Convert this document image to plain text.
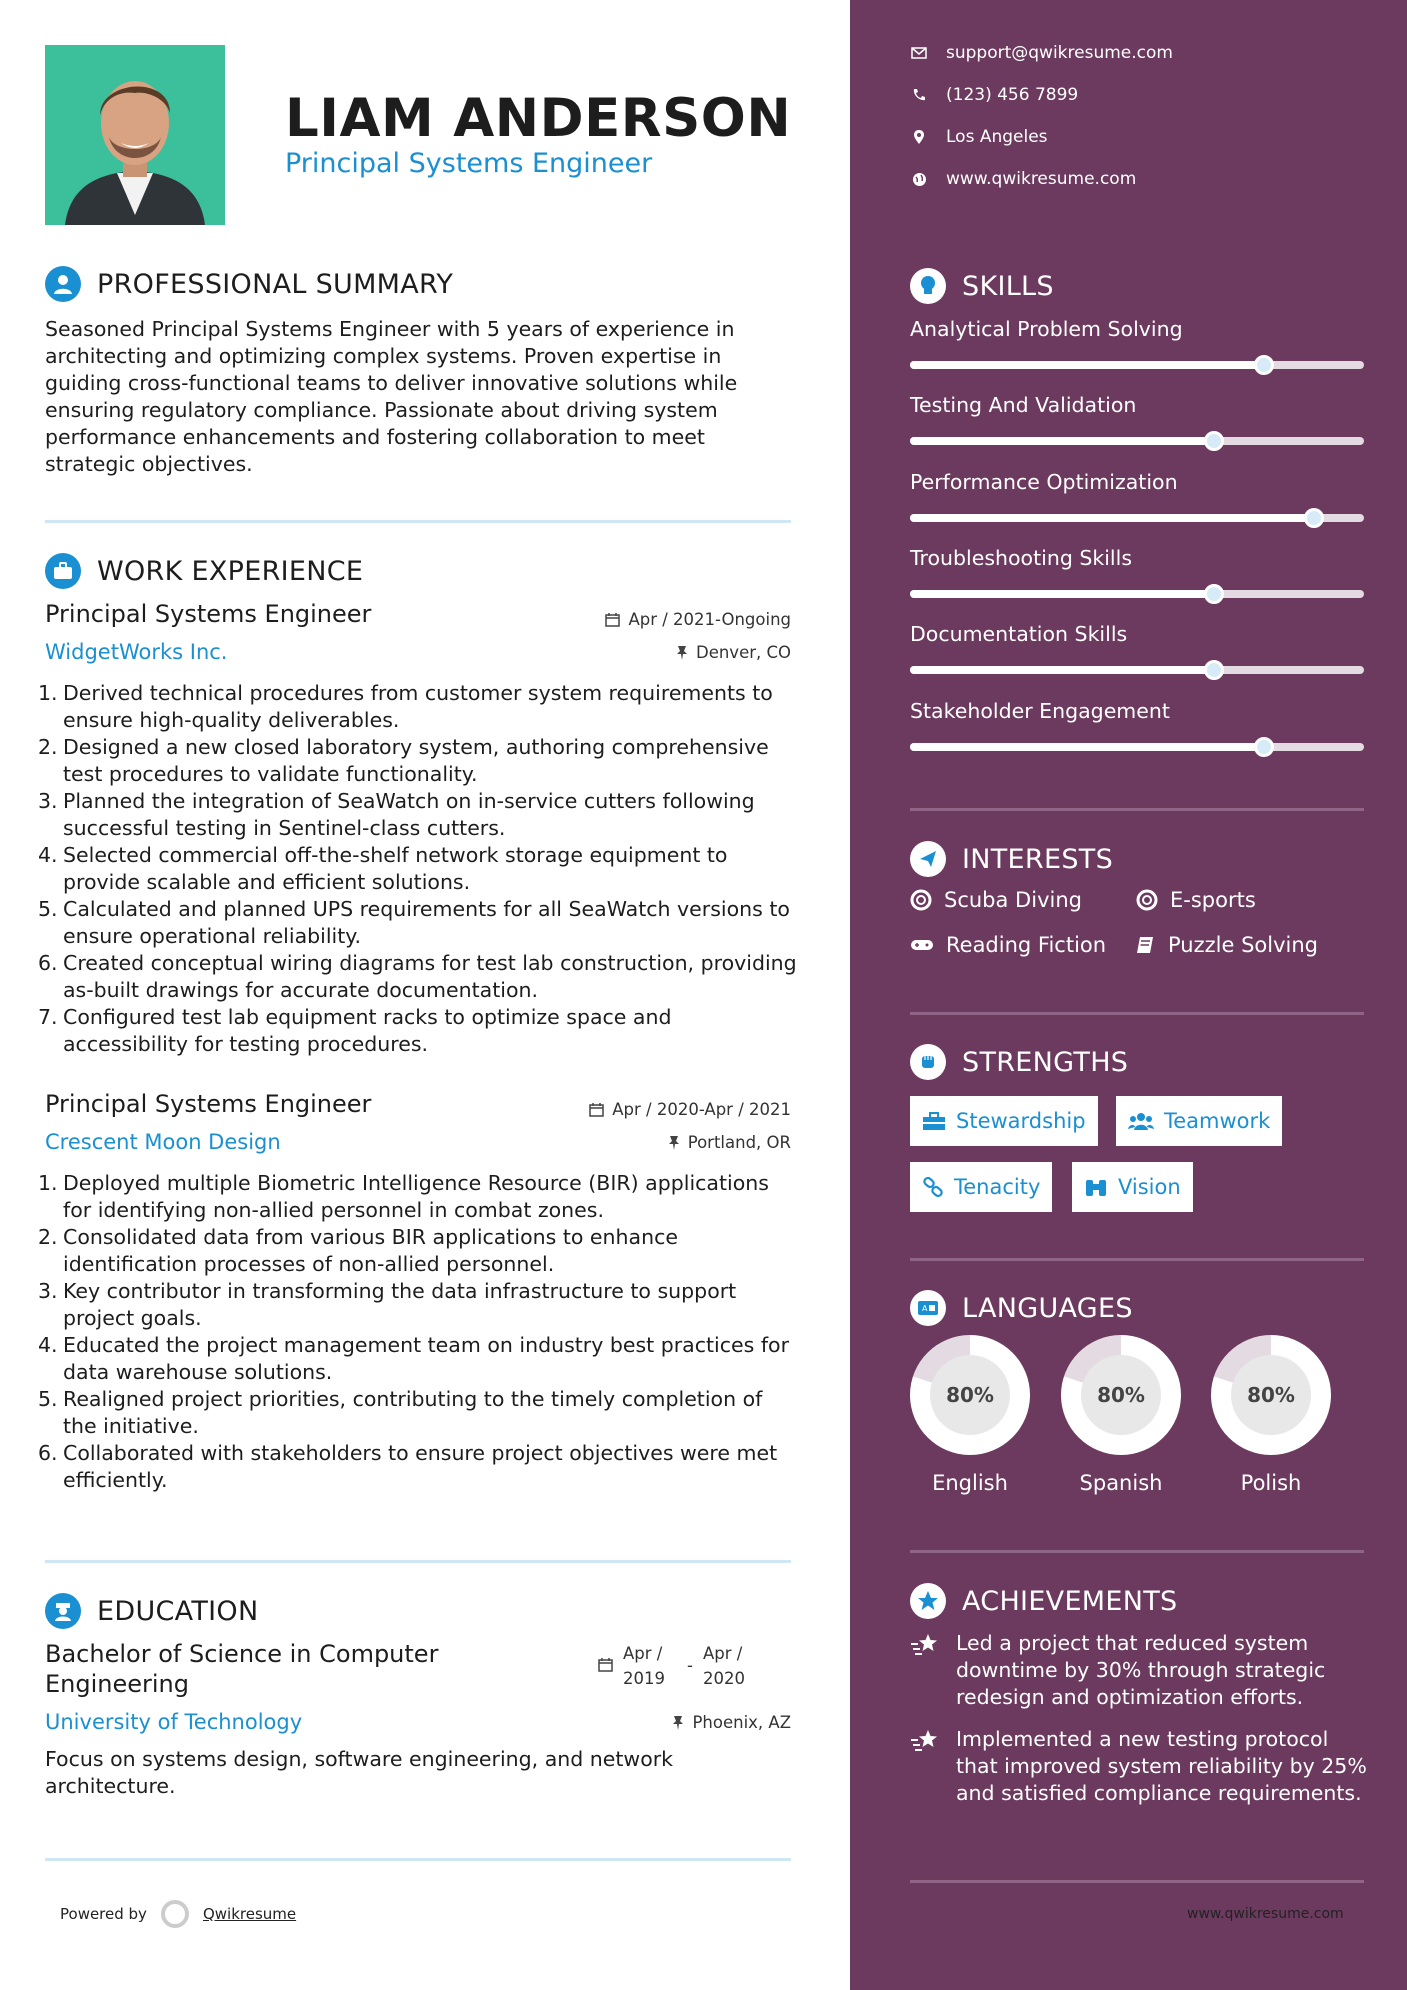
LIAM ANDERSON
Principal Systems Engineer
PROFESSIONAL SUMMARY
Seasoned Principal Systems Engineer with 5 years of experience in architecting and optimizing complex systems. Proven expertise in guiding cross-functional teams to deliver innovative solutions while ensuring regulatory compliance. Passionate about driving system performance enhancements and fostering collaboration to meet strategic objectives.
WORK EXPERIENCE
Principal Systems Engineer	Apr / 2021-Ongoing
WidgetWorks Inc.	Denver, CO
1. Derived technical procedures from customer system requirements to ensure high-quality deliverables.
2. Designed a new closed laboratory system, authoring comprehensive test procedures to validate functionality.
3. Planned the integration of SeaWatch on in-service cutters following successful testing in Sentinel-class cutters.
4. Selected commercial off-the-shelf network storage equipment to provide scalable and efficient solutions.
5. Calculated and planned UPS requirements for all SeaWatch versions to ensure operational reliability.
6. Created conceptual wiring diagrams for test lab construction, providing as-built drawings for accurate documentation.
7. Configured test lab equipment racks to optimize space and accessibility for testing procedures.
Principal Systems Engineer	Apr / 2020-Apr / 2021
Crescent Moon Design	Portland, OR
1. Deployed multiple Biometric Intelligence Resource (BIR) applications for identifying non-allied personnel in combat zones.
2. Consolidated data from various BIR applications to enhance identification processes of non-allied personnel.
3. Key contributor in transforming the data infrastructure to support project goals.
4. Educated the project management team on industry best practices for data warehouse solutions.
5. Realigned project priorities, contributing to the timely completion of the initiative.
6. Collaborated with stakeholders to ensure project objectives were met efficiently.
EDUCATION
Bachelor of Science in Computer
Engineering
Apr /
2019
-
Apr /
2020
University of Technology	Phoenix, AZ
Focus on systems design, software engineering, and network architecture.
Powered by	Qwikresume
support@qwikresume.com
(123) 456 7899
Los Angeles
www.qwikresume.com
SKILLS
Analytical Problem Solving
Testing And Validation
Performance Optimization
Troubleshooting Skills
Documentation Skills
Stakeholder Engagement
INTERESTS
Scuba Diving	E-sports
Reading Fiction	Puzzle Solving
STRENGTHS
Stewardship	Teamwork
Tenacity	Vision
A LANGUAGES
80%
English
80%
Spanish
80%
Polish
ACHIEVEMENTS
Led a project that reduced system downtime by 30% through strategic redesign and optimization efforts.
Implemented a new testing protocol that improved system reliability by 25% and satisfied compliance requirements.
www.qwikresume.com
